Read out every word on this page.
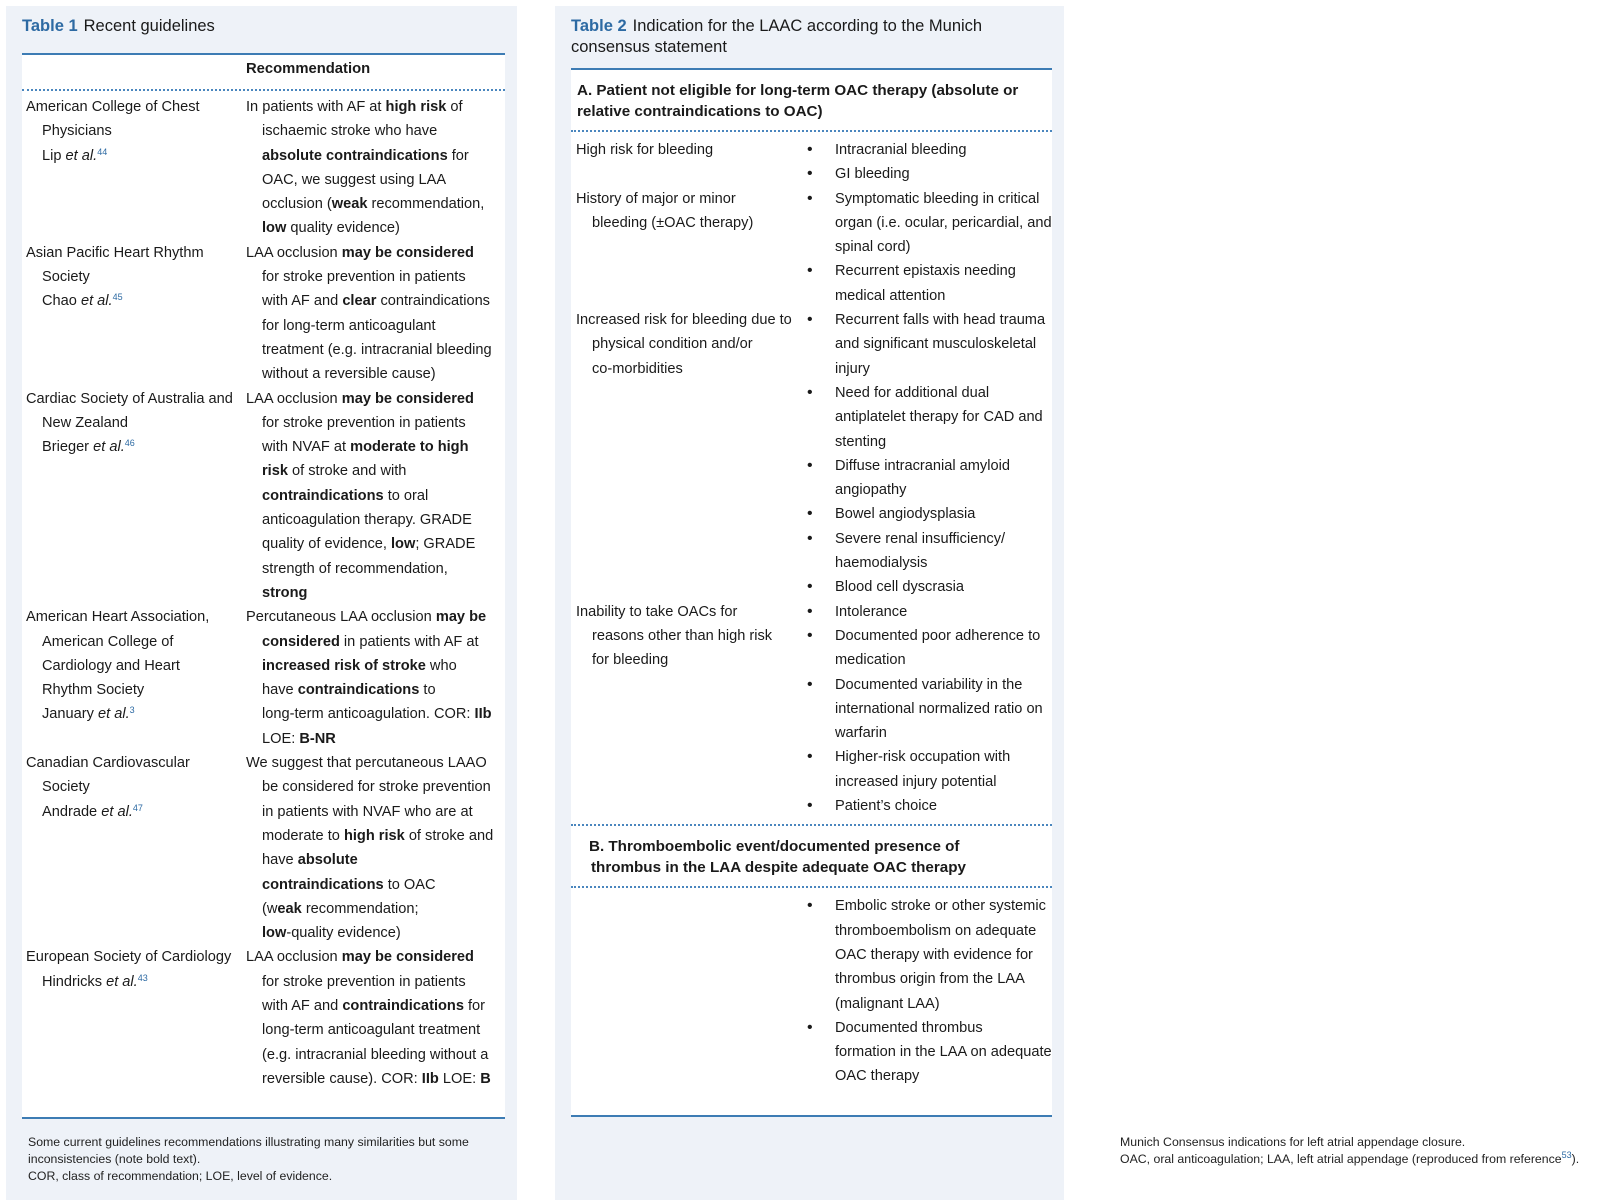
Table 1 Recent guidelines
Recommendation
American College of Chest
Physicians
Lip et al.$^{44}$
In patients with AF at high risk of
ischaemic stroke who have
absolute contraindications for
OAC, we suggest using LAA
occlusion (weak recommendation,
low quality evidence)
Asian Pacific Heart Rhythm
Society
Chao et al.$^{45}$
LAA occlusion may be considered
for stroke prevention in patients
with AF and clear contraindications
for long-term anticoagulant
treatment (e.g. intracranial bleeding
without a reversible cause)
Cardiac Society of Australia and
New Zealand
Brieger et al.$^{46}$
LAA occlusion may be considered
for stroke prevention in patients
with NVAF at moderate to high
risk of stroke and with
contraindications to oral
anticoagulation therapy. GRADE
quality of evidence, low; GRADE
strength of recommendation,
strong
American Heart Association,
American College of
Cardiology and Heart
Rhythm Society
January et al.$^3$
Percutaneous LAA occlusion may be
considered in patients with AF at
increased risk of stroke who
have contraindications to
long-term anticoagulation. COR: IIb
LOE: B-NR
Canadian Cardiovascular
Society
Andrade et al.$^{47}$
We suggest that percutaneous LAAO
be considered for stroke prevention
in patients with NVAF who are at
moderate to high risk of stroke and
have absolute
contraindications to OAC
(weak recommendation;
low-quality evidence)
European Society of Cardiology
Hindricks et al.$^{43}$
LAA occlusion may be considered
for stroke prevention in patients
with AF and contraindications for
long-term anticoagulant treatment
(e.g. intracranial bleeding without a
reversible cause). COR: IIb LOE: B
Some current guidelines recommendations illustrating many similarities but some
inconsistencies (note bold text).
COR, class of recommendation; LOE, level of evidence.
Table 2 Indication for the LAAC according to the Munich
consensus statement
A. Patient not eligible for long-term OAC therapy (absolute or
relative contraindications to OAC)
High risk for bleeding
•	Intracranial bleeding
• GI bleeding
History of major or minor
bleeding (±OAC therapy)
• Symptomatic bleeding in critical
organ (i.e. ocular, pericardial, and
spinal cord)
• Recurrent epistaxis needing
medical attention
Increased risk for bleeding due to
physical condition and/or
co-morbidities
• Recurrent falls with head trauma
and significant musculoskeletal
injury
• Need for additional dual
antiplatelet therapy for CAD and
stenting
• Diffuse intracranial amyloid
angiopathy
• Bowel angiodysplasia
• Severe renal insufficiency/
haemodialysis
• Blood cell dyscrasia
Inability to take OACs for
reasons other than high risk
for bleeding
• Intolerance
• Documented poor adherence to
medication
• Documented variability in the
international normalized ratio on
warfarin
• Higher-risk occupation with
increased injury potential
• Patient’s choice
B. Thromboembolic event/documented presence of
thrombus in the LAA despite adequate OAC therapy
• Embolic stroke or other systemic
thromboembolism on adequate
OAC therapy with evidence for
thrombus origin from the LAA
(malignant LAA)
• Documented thrombus
formation in the LAA on adequate
OAC therapy
Munich Consensus indications for left atrial appendage closure.
OAC, oral anticoagulation; LAA, left atrial appendage (reproduced from reference$^{53}$).
